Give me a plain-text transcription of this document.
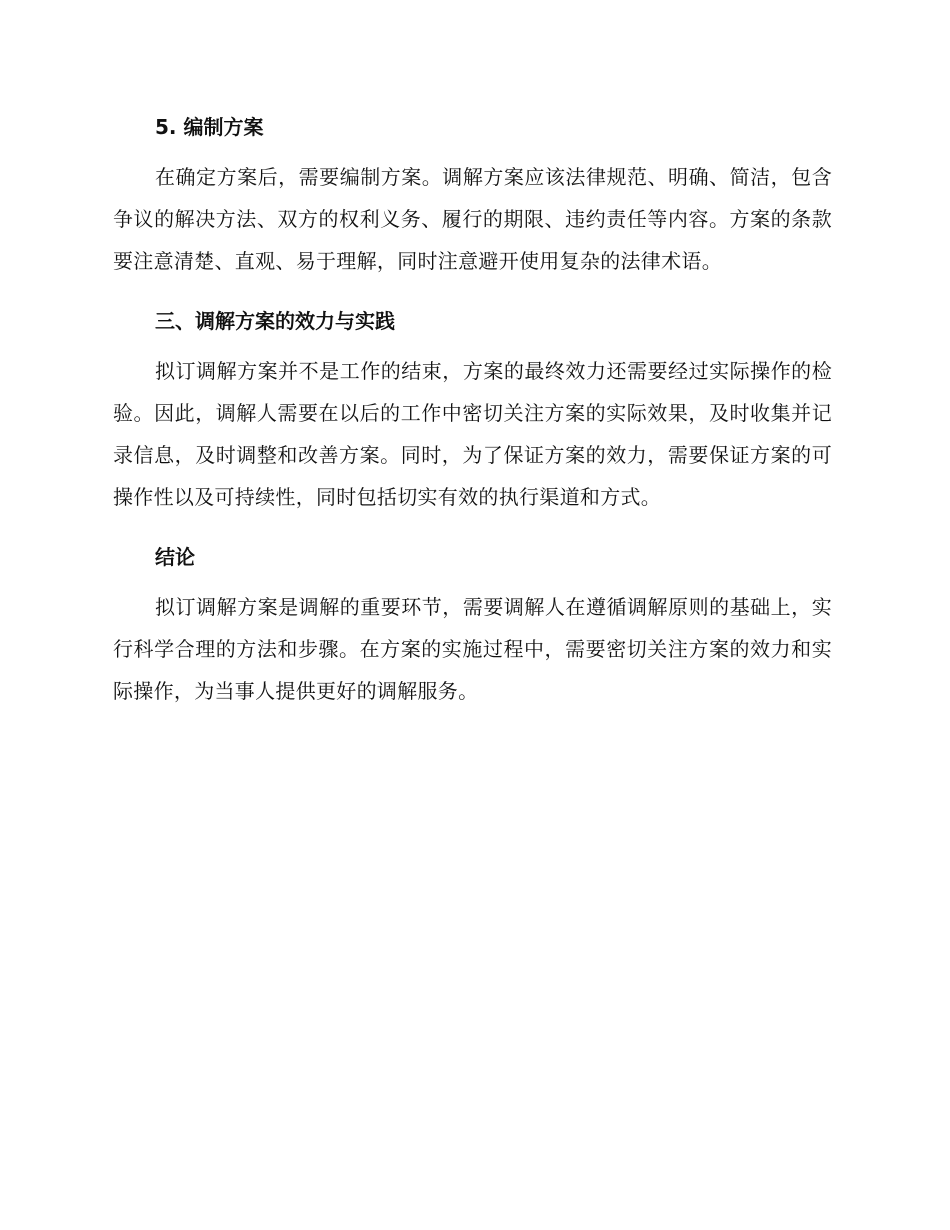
5. 编制方案

在确定方案后，需要编制方案。调解方案应该法律规范、明确、简洁，包含争议的解决方法、双方的权利义务、履行的期限、违约责任等内容。方案的条款要注意清楚、直观、易于理解，同时注意避开使用复杂的法律术语。

三、调解方案的效力与实践

拟订调解方案并不是工作的结束，方案的最终效力还需要经过实际操作的检验。因此，调解人需要在以后的工作中密切关注方案的实际效果，及时收集并记录信息，及时调整和改善方案。同时，为了保证方案的效力，需要保证方案的可操作性以及可持续性，同时包括切实有效的执行渠道和方式。

结论

拟订调解方案是调解的重要环节，需要调解人在遵循调解原则的基础上，实行科学合理的方法和步骤。在方案的实施过程中，需要密切关注方案的效力和实际操作，为当事人提供更好的调解服务。
